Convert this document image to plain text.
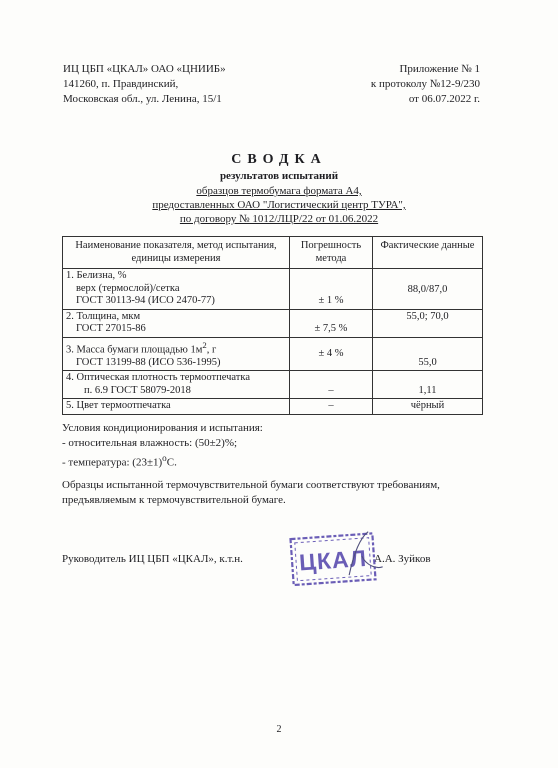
ИЦ ЦБП «ЦКАЛ» ОАО «ЦНИИБ»
141260, п. Правдинский,
Московская обл., ул. Ленина, 15/1
Приложение № 1
к протоколу №12-9/230
от 06.07.2022 г.
СВОДКА
результатов испытаний
образцов термобумага формата А4,
предоставленных ОАО "Логистический центр ТУРА",
по договору № 1012/ЛЦР/22 от 01.06.2022
Наименование показателя, метод испытания, единицы измерения	Погрешность метода	Фактические данные

1. Белизна, %
верх (термослой)/сетка
ГОСТ 30113-94 (ИСО 2470-77)	± 1 %	88,0/87,0

2. Толщина, мкм
ГОСТ 27015-86	± 7,5 %	55,0; 70,0

3. Масса бумаги площадью $1м^2$, г
ГОСТ 13199-88 (ИСО 536-1995)	± 4 %	55,0

4. Оптическая плотность термоотпечатка
п. 6.9 ГОСТ 58079-2018	–	1,11

5. Цвет термоотпечатка	–	чёрный
Условия кондиционирования и испытания:
- относительная влажность: (50±2)%;
- температура: $(23\pm 1)^oC$.
Образцы испытанной термочувствительной бумаги соответствуют требованиям, предъявляемым к термочувствительной бумаге.
Руководитель ИЦ ЦБП «ЦКАЛ», к.т.н.	А.А. Зуйков
ЦКАЛ
2
